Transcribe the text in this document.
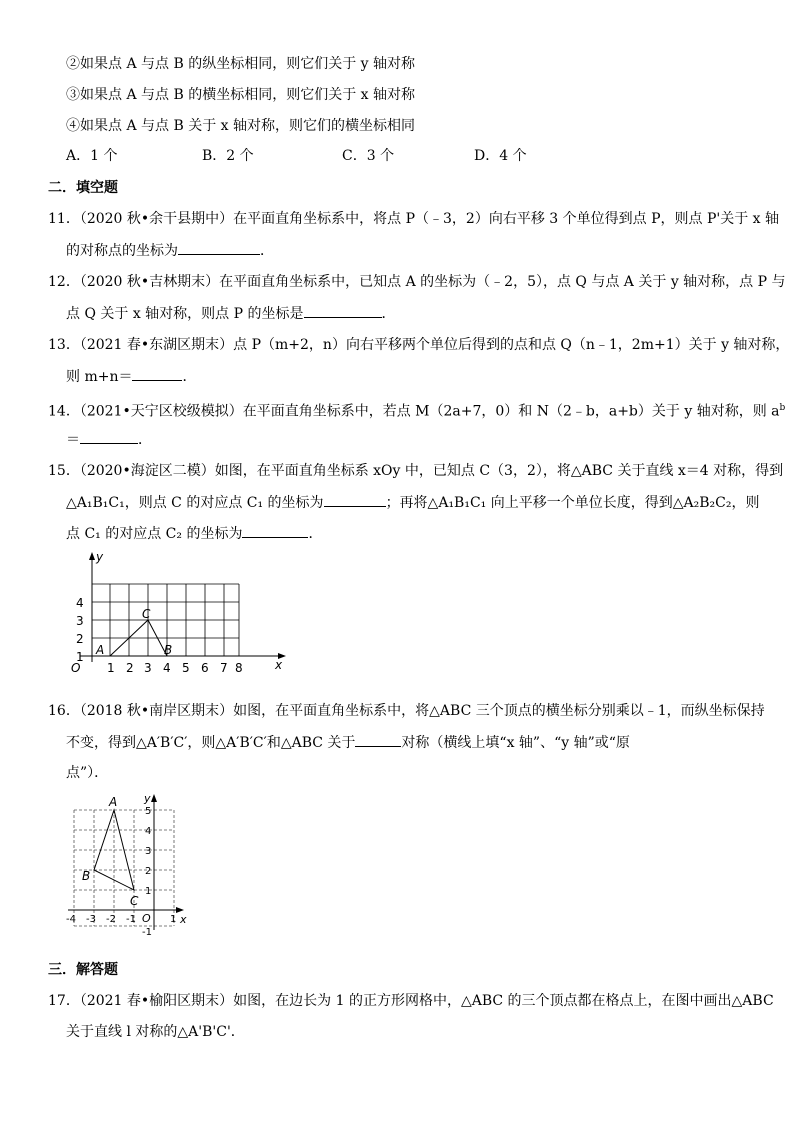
②如果点 A 与点 B 的纵坐标相同，则它们关于 y 轴对称
③如果点 A 与点 B 的横坐标相同，则它们关于 x 轴对称
④如果点 A 与点 B 关于 x 轴对称，则它们的横坐标相同
A．1 个	B．2 个	C．3 个	D．4 个
二．填空题
11．（2020 秋•余干县期中）在平面直角坐标系中，将点 P（﹣3，2）向右平移 3 个单位得到点 P，则点 P'关于 x 轴
的对称点的坐标为	．
12．（2020 秋•吉林期末）在平面直角坐标系中，已知点 A 的坐标为（﹣2，5），点 Q 与点 A 关于 y 轴对称，点 P 与
点 Q 关于 x 轴对称，则点 P 的坐标是	．
13．（2021 春•东湖区期末）点 P（m+2，n）向右平移两个单位后得到的点和点 Q（n﹣1，2m+1）关于 y 轴对称，
则 m+n＝	．
14．（2021•天宁区校级模拟）在平面直角坐标系中，若点 M（2a+7，0）和 N（2﹣b，a+b）关于 y 轴对称，则 $a^b$
＝	．
15．（2020•海淀区二模）如图，在平面直角坐标系 xOy 中，已知点 C（3，2），将△ABC 关于直线 x＝4 对称，得到
△A₁B₁C₁，则点 C 的对应点 C₁ 的坐标为	；再将△A₁B₁C₁ 向上平移一个单位长度，得到△A₂B₂C₂，则
点 C₁ 的对应点 C₂ 的坐标为	．
y
x
O
1
2
3
4
1 2 3 4 5 6 7 8
A
C
B
16．（2018 秋•南岸区期末）如图，在平面直角坐标系中，将△ABC 三个顶点的横坐标分别乘以﹣1，而纵坐标保持
不变，得到△A′B′C′，则△A′B′C′和△ABC 关于	对称（横线上填“x 轴”、“y 轴”或“原
点”）．
y
x
O
-4 -3 -2 -1	1
-1
1
2
3
4
5
A
B
C
三．解答题
17．（2021 春•榆阳区期末）如图，在边长为 1 的正方形网格中，△ABC 的三个顶点都在格点上，在图中画出△ABC
关于直线 l 对称的△A'B'C'．
